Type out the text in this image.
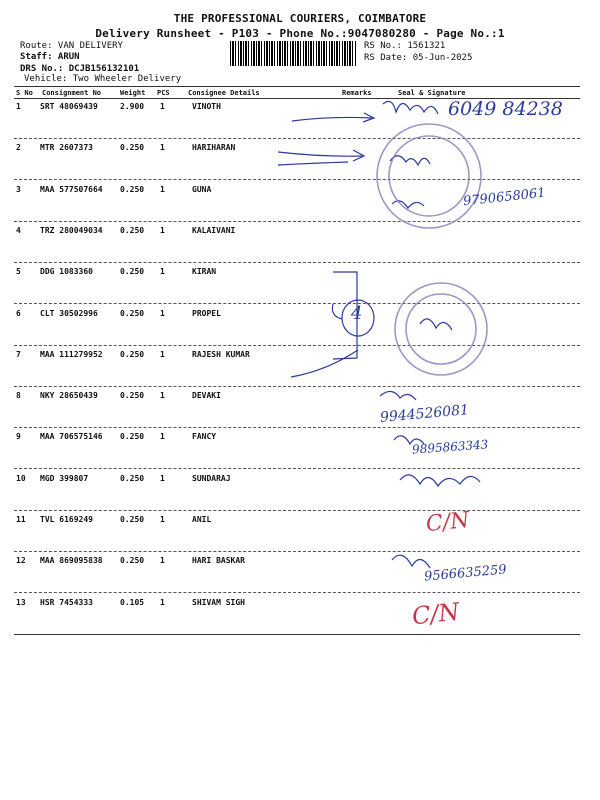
THE PROFESSIONAL COURIERS, COIMBATORE
Delivery Runsheet - P103 - Phone No.:9047080280 - Page No.:1
Route: VAN DELIVERY
Staff: ARUN
DRS No.: DCJB156132101
Vehicle: Two Wheeler Delivery
RS No.: 1561321
RS Date: 05-Jun-2025
S No Consignment No	Weight PCS	Consignee Details	Remarks	Seal & Signature
1 SRT 48069439	2.900 1	VINOTH
2 MTR 2607373	0.250 1	HARIHARAN
3 MAA 577507664 0.250 1	GUNA
4 TRZ 280049034 0.250 1	KALAIVANI
5 DDG 1083360	0.250 1	KIRAN
6 CLT 30502996	0.250 1	PROPEL
7 MAA 111279952 0.250 1	RAJESH KUMAR
8 NKY 28650439	0.250 1	DEVAKI
9 MAA 706575146 0.250 1	FANCY
10 MGD 399807	0.250 1	SUNDARAJ
11 TVL 6169249	0.250 1	ANIL
12 MAA 869095838 0.250 1	HARI BASKAR
13 HSR 7454333	0.105 1	SHIVAM SIGH
6049 84238
9790658061
4
9944526081
9895863343
C/N
9566635259
C/N
